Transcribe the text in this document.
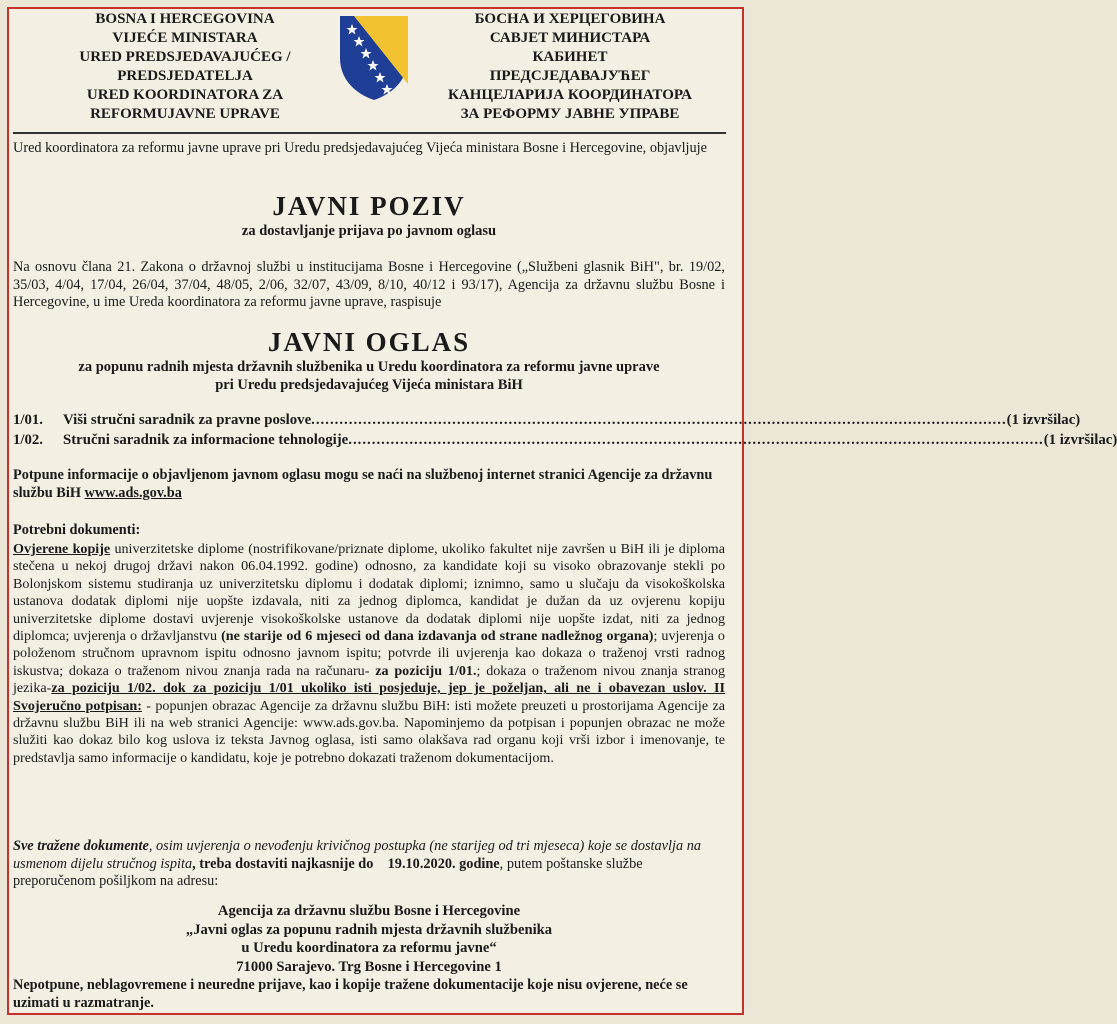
BOSNA I HERCEGOVINA
VIJEĆE MINISTARA
URED PREDSJEDAVAJUĆEG /
PREDSJEDATELJA
URED KOORDINATORA ZA
REFORMUJAVNE UPRAVE
БОСНА И ХЕРЦЕГОВИНА
САВЈЕТ МИНИСТАРА
КАБИНЕТ
ПРЕДСЈЕДАВАЈУЋЕГ
КАНЦЕЛАРИЈА КООРДИНАТОРА
ЗА РЕФОРМУ ЈАВНЕ УПРАВЕ

Ured koordinatora za reformu javne uprave pri Uredu predsjedavajućeg Vijeća ministara Bosne i Hercegovine, objavljuje

JAVNI POZIV

za dostavljanje prijava po javnom oglasu

Na osnovu člana 21. Zakona o državnoj službi u institucijama Bosne i Hercegovine („Službeni glasnik BiH", br. 19/02, 35/03, 4/04, 17/04, 26/04, 37/04, 48/05, 2/06, 32/07, 43/09, 8/10, 40/12 i 93/17), Agencija za državnu službu Bosne i Hercegovine, u ime Ureda koordinatora za reformu javne uprave, raspisuje

JAVNI OGLAS

za popunu radnih mjesta državnih službenika u Uredu koordinatora za reformu javne uprave

pri Uredu predsjedavajućeg Vijeća ministara BiH

1/01.	Viši stručni saradnik za pravne poslove .................................................................................................................................................... (1 izvršilac)
1/02.	Stručni saradnik za informacione tehnologije .................................................................................................................................................... (1 izvršilac)

Potpune informacije o objavljenom javnom oglasu mogu se naći na službenoj internet stranici Agencije za državnu službu BiH www.ads.gov.ba

Potrebni dokumenti:

Ovjerene kopije univerzitetske diplome (nostrifikovane/priznate diplome, ukoliko fakultet nije završen u BiH ili je diploma stečena u nekoj drugoj državi nakon 06.04.1992. godine) odnosno, za kandidate koji su visoko obrazovanje stekli po Bolonjskom sistemu studiranja uz univerzitetsku diplomu i dodatak diplomi; iznimno, samo u slučaju da visokoškolska ustanova dodatak diplomi nije uopšte izdavala, niti za jednog diplomca, kandidat je dužan da uz ovjerenu kopiju univerzitetske diplome dostavi uvjerenje visokoškolske ustanove da dodatak diplomi nije uopšte izdat, niti za jednog diplomca; uvjerenja o državljanstvu (ne starije od 6 mjeseci od dana izdavanja od strane nadležnog organa); uvjerenja o položenom stručnom upravnom ispitu odnosno javnom ispitu; potvrde ili uvjerenja kao dokaza o traženoj vrsti radnog iskustva; dokaza o traženom nivou znanja rada na računaru- za poziciju 1/01.; dokaza o traženom nivou znanja stranog jezika-za poziciju 1/02. dok za poziciju 1/01 ukoliko isti posjeduje, jep je poželjan, ali ne i obavezan uslov. II Svojeručno potpisan: - popunjen obrazac Agencije za državnu službu BiH: isti možete preuzeti u prostorijama Agencije za državnu službu BiH ili na web stranici Agencije: www.ads.gov.ba. Napominjemo da potpisan i popunjen obrazac ne može služiti kao dokaz bilo kog uslova iz teksta Javnog oglasa, isti samo olakšava rad organu koji vrši izbor i imenovanje, te predstavlja samo informacije o kandidatu, koje je potrebno dokazati traženom dokumentacijom.

Sve tražene dokumente, osim uvjerenja o nevođenju krivičnog postupka (ne starijeg od tri mjeseca) koje se dostavlja na usmenom dijelu stručnog ispita, treba dostaviti najkasnije do 19.10.2020. godine, putem poštanske službe preporučenom pošiljkom na adresu:

Agencija za državnu službu Bosne i Hercegovine
„Javni oglas za popunu radnih mjesta državnih službenika
u Uredu koordinatora za reformu javne“
71000 Sarajevo. Trg Bosne i Hercegovine 1

Nepotpune, neblagovremene i neuredne prijave, kao i kopije tražene dokumentacije koje nisu ovjerene, neće se uzimati u razmatranje.
